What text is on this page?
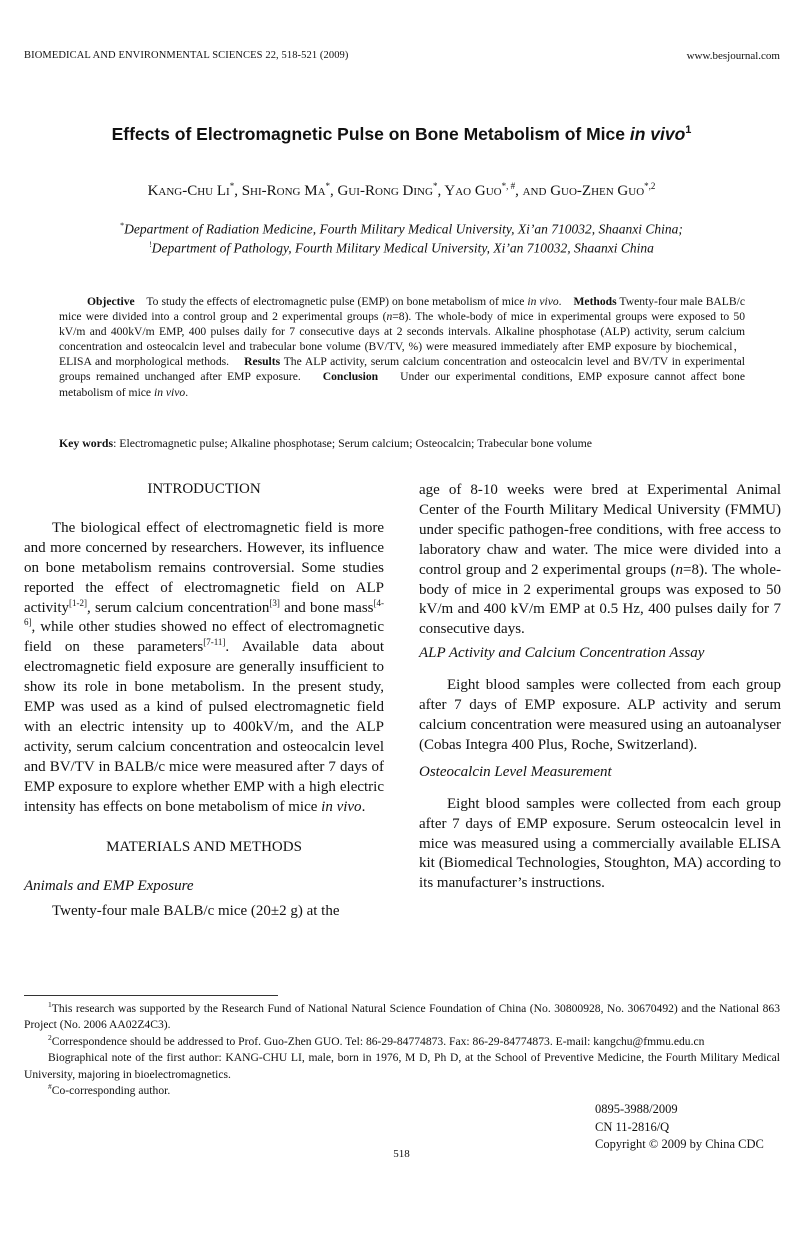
BIOMEDICAL AND ENVIRONMENTAL SCIENCES 22, 518-521 (2009)	www.besjournal.com
Effects of Electromagnetic Pulse on Bone Metabolism of Mice in vivo$^1$
Kang-Chu Li*, Shi-Rong Ma*, Gui-Rong Ding*, Yao Guo*, #, and Guo-Zhen Guo$^{*,2}$
*Department of Radiation Medicine, Fourth Military Medical University, Xi’an 710032, Shaanxi China;
!Department of Pathology, Fourth Military Medical University, Xi’an 710032, Shaanxi China
Objective To study the effects of electromagnetic pulse (EMP) on bone metabolism of mice in vivo.    Methods Twenty-four male BALB/c mice were divided into a control group and 2 experimental groups (n=8). The whole-body of mice in experimental groups were exposed to 50 kV/m and 400kV/m EMP, 400 pulses daily for 7 consecutive days at 2 seconds intervals. Alkaline phosphotase (ALP) activity, serum calcium concentration and osteocalcin level and trabecular bone volume (BV/TV, %) were measured immediately after EMP exposure by biochemical，ELISA and morphological methods. Results The ALP activity, serum calcium concentration and osteocalcin level and BV/TV in experimental groups remained unchanged after EMP exposure. Conclusion Under our experimental conditions, EMP exposure cannot affect bone metabolism of mice in vivo.
Key words: Electromagnetic pulse; Alkaline phosphotase; Serum calcium; Osteocalcin; Trabecular bone volume

INTRODUCTION

The biological effect of electromagnetic field is more and more concerned by researchers. However, its influence on bone metabolism remains controversial. Some studies reported the effect of electromagnetic field on ALP activity[1-2], serum calcium concentration[3] and bone mass[4-6], while other studies showed no effect of electromagnetic field on these parameters[7-11]. Available data about electromagnetic field exposure are generally insufficient to show its role in bone metabolism. In the present study, EMP was used as a kind of pulsed electromagnetic field with an electric intensity up to 400kV/m, and the ALP activity, serum calcium concentration and osteocalcin level and BV/TV in BALB/c mice were measured after 7 days of EMP exposure to explore whether EMP with a high electric intensity has effects on bone metabolism of mice in vivo.

MATERIALS AND METHODS

Animals and EMP Exposure

Twenty-four male BALB/c mice (20±2 g) at the

age of 8-10 weeks were bred at Experimental Animal Center of the Fourth Military Medical University (FMMU) under specific pathogen-free conditions, with free access to laboratory chaw and water. The mice were divided into a control group and 2 experimental groups (n=8). The whole-body of mice in 2 experimental groups was exposed to 50 kV/m and 400 kV/m EMP at 0.5 Hz, 400 pulses daily for 7 consecutive days.

ALP Activity and Calcium Concentration Assay

Eight blood samples were collected from each group after 7 days of EMP exposure. ALP activity and serum calcium concentration were measured using an autoanalyser (Cobas Integra 400 Plus, Roche, Switzerland).

Osteocalcin Level Measurement

Eight blood samples were collected from each group after 7 days of EMP exposure. Serum osteocalcin level in mice was measured using a commercially available ELISA kit (Biomedical Technologies, Stoughton, MA) according to its manufacturer’s instructions.

$^1$This research was supported by the Research Fund of National Natural Science Foundation of China (No. 30800928, No. 30670492) and the National 863 Project (No. 2006 AA02Z4C3).

$^2$Correspondence should be addressed to Prof. Guo-Zhen GUO. Tel: 86-29-84774873. Fax: 86-29-84774873. E-mail: kangchu@fmmu.edu.cn

Biographical note of the first author: KANG-CHU LI, male, born in 1976, M D, Ph D, at the School of Preventive Medicine, the Fourth Military Medical University, majoring in bioelectromagnetics.

#Co-corresponding author.

0895-3988/2009
CN 11-2816/Q
Copyright © 2009 by China CDC
518
